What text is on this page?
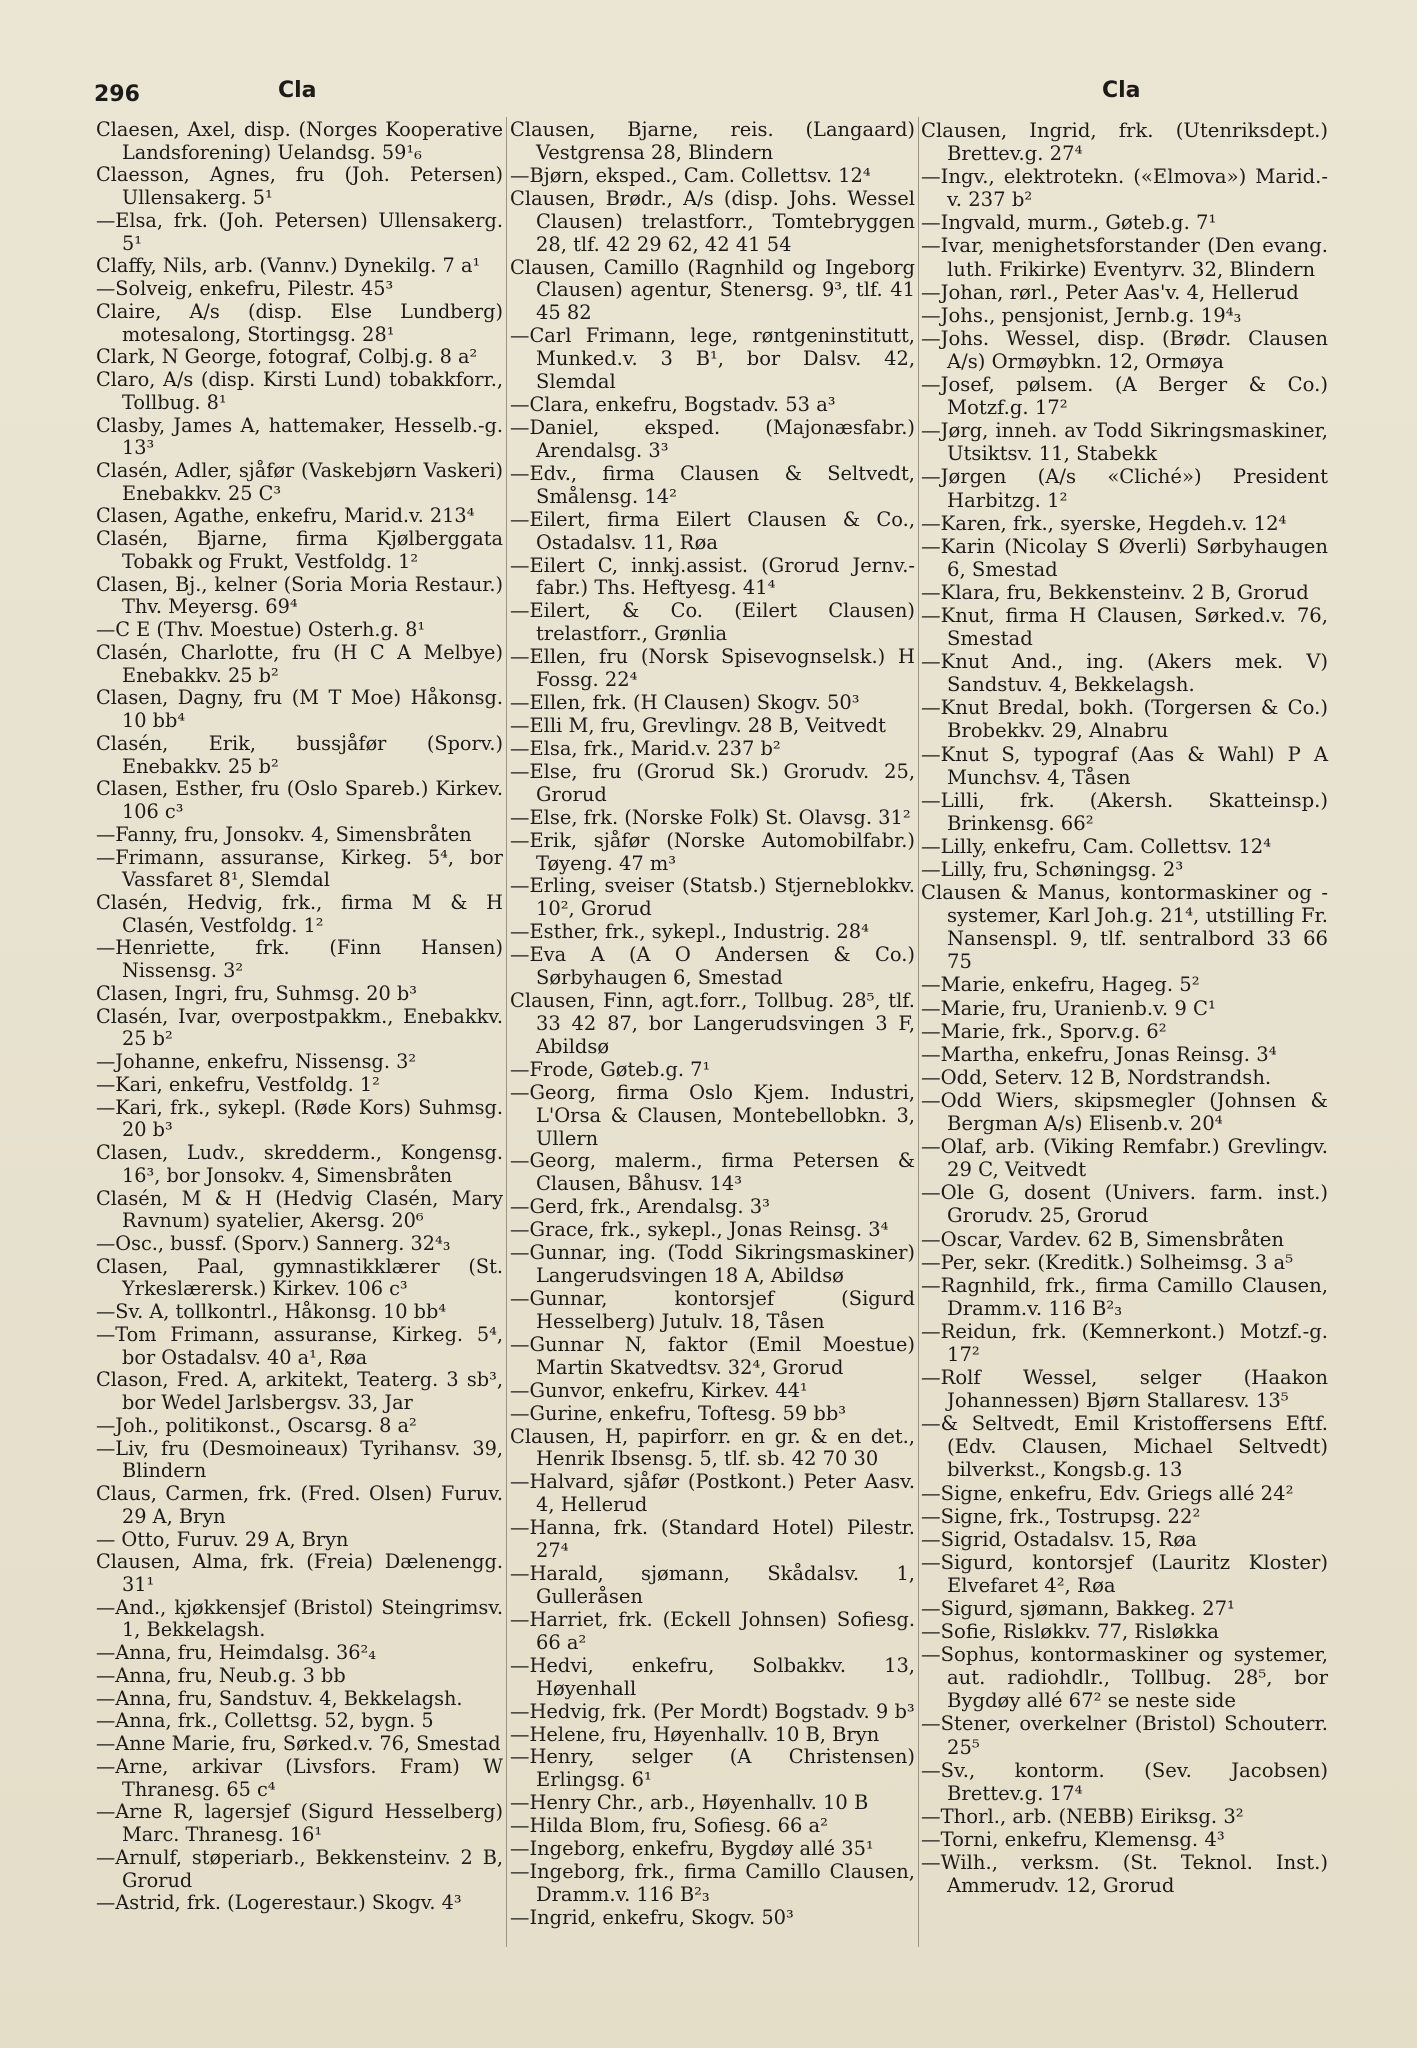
296	Cla	Cla

Claesen, Axel, disp. (Norges Kooperative Landsforening) Uelandsg. 59¹₆

Claesson, Agnes, fru (Joh. Petersen) Ullensakerg. 5¹

—Elsa, frk. (Joh. Petersen) Ullensakerg. 5¹

Claffy, Nils, arb. (Vannv.) Dynekilg. 7 a¹

—Solveig, enkefru, Pilestr. 45³

Claire, A/s (disp. Else Lundberg) motesalong, Stortingsg. 28¹

Clark, N George, fotograf, Colbj.g. 8 a²

Claro, A/s (disp. Kirsti Lund) tobakkforr., Tollbug. 8¹

Clasby, James A, hattemaker, Hesselb.-g. 13³

Clasén, Adler, sjåfør (Vaskebjørn Vaskeri) Enebakkv. 25 C³

Clasen, Agathe, enkefru, Marid.v. 213⁴

Clasén, Bjarne, firma Kjølberggata Tobakk og Frukt, Vestfoldg. 1²

Clasen, Bj., kelner (Soria Moria Restaur.) Thv. Meyersg. 69⁴

—C E (Thv. Moestue) Osterh.g. 8¹

Clasén, Charlotte, fru (H C A Melbye) Enebakkv. 25 b²

Clasen, Dagny, fru (M T Moe) Håkonsg. 10 bb⁴

Clasén, Erik, bussjåfør (Sporv.) Enebakkv. 25 b²

Clasen, Esther, fru (Oslo Spareb.) Kirkev. 106 c³

—Fanny, fru, Jonsokv. 4, Simensbråten

—Frimann, assuranse, Kirkeg. 5⁴, bor Vassfaret 8¹, Slemdal

Clasén, Hedvig, frk., firma M & H Clasén, Vestfoldg. 1²

—Henriette, frk. (Finn Hansen) Nissensg. 3²

Clasen, Ingri, fru, Suhmsg. 20 b³

Clasén, Ivar, overpostpakkm., Enebakkv. 25 b²

—Johanne, enkefru, Nissensg. 3²

—Kari, enkefru, Vestfoldg. 1²

—Kari, frk., sykepl. (Røde Kors) Suhmsg. 20 b³

Clasen, Ludv., skredderm., Kongensg. 16³, bor Jonsokv. 4, Simensbråten

Clasén, M & H (Hedvig Clasén, Mary Ravnum) syatelier, Akersg. 20⁶

—Osc., bussf. (Sporv.) Sannerg. 32⁴₃

Clasen, Paal, gymnastikklærer (St. Yrkeslærersk.) Kirkev. 106 c³

—Sv. A, tollkontrl., Håkonsg. 10 bb⁴

—Tom Frimann, assuranse, Kirkeg. 5⁴, bor Ostadalsv. 40 a¹, Røa

Clason, Fred. A, arkitekt, Teaterg. 3 sb³, bor Wedel Jarlsbergsv. 33, Jar

—Joh., politikonst., Oscarsg. 8 a²

—Liv, fru (Desmoineaux) Tyrihansv. 39, Blindern

Claus, Carmen, frk. (Fred. Olsen) Furuv. 29 A, Bryn

— Otto, Furuv. 29 A, Bryn

Clausen, Alma, frk. (Freia) Dælenengg. 31¹

—And., kjøkkensjef (Bristol) Steingrimsv. 1, Bekkelagsh.

—Anna, fru, Heimdalsg. 36²₄

—Anna, fru, Neub.g. 3 bb

—Anna, fru, Sandstuv. 4, Bekkelagsh.

—Anna, frk., Collettsg. 52, bygn. 5

—Anne Marie, fru, Sørked.v. 76, Smestad

—Arne, arkivar (Livsfors. Fram) W Thranesg. 65 c⁴

—Arne R, lagersjef (Sigurd Hesselberg) Marc. Thranesg. 16¹

—Arnulf, støperiarb., Bekkensteinv. 2 B, Grorud

—Astrid, frk. (Logerestaur.) Skogv. 4³

Clausen, Bjarne, reis. (Langaard) Vestgrensa 28, Blindern

—Bjørn, eksped., Cam. Collettsv. 12⁴

Clausen, Brødr., A/s (disp. Johs. Wessel Clausen) trelastforr., Tomtebryggen 28, tlf. 42 29 62, 42 41 54

Clausen, Camillo (Ragnhild og Ingeborg Clausen) agentur, Stenersg. 9³, tlf. 41 45 82

—Carl Frimann, lege, røntgeninstitutt, Munked.v. 3 B¹, bor Dalsv. 42, Slemdal

—Clara, enkefru, Bogstadv. 53 a³

—Daniel, eksped. (Majonæsfabr.) Arendalsg. 3³

—Edv., firma Clausen & Seltvedt, Smålensg. 14²

—Eilert, firma Eilert Clausen & Co., Ostadalsv. 11, Røa

—Eilert C, innkj.assist. (Grorud Jernv.-fabr.) Ths. Heftyesg. 41⁴

—Eilert, & Co. (Eilert Clausen) trelastforr., Grønlia

—Ellen, fru (Norsk Spisevognselsk.) H Fossg. 22⁴

—Ellen, frk. (H Clausen) Skogv. 50³

—Elli M, fru, Grevlingv. 28 B, Veitvedt

—Elsa, frk., Marid.v. 237 b²

—Else, fru (Grorud Sk.) Grorudv. 25, Grorud

—Else, frk. (Norske Folk) St. Olavsg. 31²

—Erik, sjåfør (Norske Automobilfabr.) Tøyeng. 47 m³

—Erling, sveiser (Statsb.) Stjerneblokkv. 10², Grorud

—Esther, frk., sykepl., Industrig. 28⁴

—Eva A (A O Andersen & Co.) Sørbyhaugen 6, Smestad

Clausen, Finn, agt.forr., Tollbug. 28⁵, tlf. 33 42 87, bor Langerudsvingen 3 F, Abildsø

—Frode, Gøteb.g. 7¹

—Georg, firma Oslo Kjem. Industri, L'Orsa & Clausen, Montebellobkn. 3, Ullern

—Georg, malerm., firma Petersen & Clausen, Båhusv. 14³

—Gerd, frk., Arendalsg. 3³

—Grace, frk., sykepl., Jonas Reinsg. 3⁴

—Gunnar, ing. (Todd Sikringsmaskiner) Langerudsvingen 18 A, Abildsø

—Gunnar, kontorsjef (Sigurd Hesselberg) Jutulv. 18, Tåsen

—Gunnar N, faktor (Emil Moestue) Martin Skatvedtsv. 32⁴, Grorud

—Gunvor, enkefru, Kirkev. 44¹

—Gurine, enkefru, Toftesg. 59 bb³

Clausen, H, papirforr. en gr. & en det., Henrik Ibsensg. 5, tlf. sb. 42 70 30

—Halvard, sjåfør (Postkont.) Peter Aasv. 4, Hellerud

—Hanna, frk. (Standard Hotel) Pilestr. 27⁴

—Harald, sjømann, Skådalsv. 1, Gulleråsen

—Harriet, frk. (Eckell Johnsen) Sofiesg. 66 a²

—Hedvi, enkefru, Solbakkv. 13, Høyenhall

—Hedvig, frk. (Per Mordt) Bogstadv. 9 b³

—Helene, fru, Høyenhallv. 10 B, Bryn

—Henry, selger (A Christensen) Erlingsg. 6¹

—Henry Chr., arb., Høyenhallv. 10 B

—Hilda Blom, fru, Sofiesg. 66 a²

—Ingeborg, enkefru, Bygdøy allé 35¹

—Ingeborg, frk., firma Camillo Clausen, Dramm.v. 116 B²₃

—Ingrid, enkefru, Skogv. 50³

Clausen, Ingrid, frk. (Utenriksdept.) Brettev.g. 27⁴

—Ingv., elektrotekn. («Elmova») Marid.-v. 237 b²

—Ingvald, murm., Gøteb.g. 7¹

—Ivar, menighetsforstander (Den evang. luth. Frikirke) Eventyrv. 32, Blindern

—Johan, rørl., Peter Aas'v. 4, Hellerud

—Johs., pensjonist, Jernb.g. 19⁴₃

—Johs. Wessel, disp. (Brødr. Clausen A/s) Ormøybkn. 12, Ormøya

—Josef, pølsem. (A Berger & Co.) Motzf.g. 17²

—Jørg, inneh. av Todd Sikringsmaskiner, Utsiktsv. 11, Stabekk

—Jørgen (A/s «Cliché») President Harbitzg. 1²

—Karen, frk., syerske, Hegdeh.v. 12⁴

—Karin (Nicolay S Øverli) Sørbyhaugen 6, Smestad

—Klara, fru, Bekkensteinv. 2 B, Grorud

—Knut, firma H Clausen, Sørked.v. 76, Smestad

—Knut And., ing. (Akers mek. V) Sandstuv. 4, Bekkelagsh.

—Knut Bredal, bokh. (Torgersen & Co.) Brobekkv. 29, Alnabru

—Knut S, typograf (Aas & Wahl) P A Munchsv. 4, Tåsen

—Lilli, frk. (Akersh. Skatteinsp.) Brinkensg. 66²

—Lilly, enkefru, Cam. Collettsv. 12⁴

—Lilly, fru, Schøningsg. 2³

Clausen & Manus, kontormaskiner og -systemer, Karl Joh.g. 21⁴, utstilling Fr. Nansenspl. 9, tlf. sentralbord 33 66 75

—Marie, enkefru, Hageg. 5²

—Marie, fru, Uranienb.v. 9 C¹

—Marie, frk., Sporv.g. 6²

—Martha, enkefru, Jonas Reinsg. 3⁴

—Odd, Seterv. 12 B, Nordstrandsh.

—Odd Wiers, skipsmegler (Johnsen & Bergman A/s) Elisenb.v. 20⁴

—Olaf, arb. (Viking Remfabr.) Grevlingv. 29 C, Veitvedt

—Ole G, dosent (Univers. farm. inst.) Grorudv. 25, Grorud

—Oscar, Vardev. 62 B, Simensbråten

—Per, sekr. (Kreditk.) Solheimsg. 3 a⁵

—Ragnhild, frk., firma Camillo Clausen, Dramm.v. 116 B²₃

—Reidun, frk. (Kemnerkont.) Motzf.-g. 17²

—Rolf Wessel, selger (Haakon Johannessen) Bjørn Stallaresv. 13⁵

—& Seltvedt, Emil Kristoffersens Eftf. (Edv. Clausen, Michael Seltvedt) bilverkst., Kongsb.g. 13

—Signe, enkefru, Edv. Griegs allé 24²

—Signe, frk., Tostrupsg. 22²

—Sigrid, Ostadalsv. 15, Røa

—Sigurd, kontorsjef (Lauritz Kloster) Elvefaret 4², Røa

—Sigurd, sjømann, Bakkeg. 27¹

—Sofie, Risløkkv. 77, Risløkka

—Sophus, kontormaskiner og systemer, aut. radiohdlr., Tollbug. 28⁵, bor Bygdøy allé 67² se neste side

—Stener, overkelner (Bristol) Schouterr. 25⁵

—Sv., kontorm. (Sev. Jacobsen) Brettev.g. 17⁴

—Thorl., arb. (NEBB) Eiriksg. 3²

—Torni, enkefru, Klemensg. 4³

—Wilh., verksm. (St. Teknol. Inst.) Ammerudv. 12, Grorud
